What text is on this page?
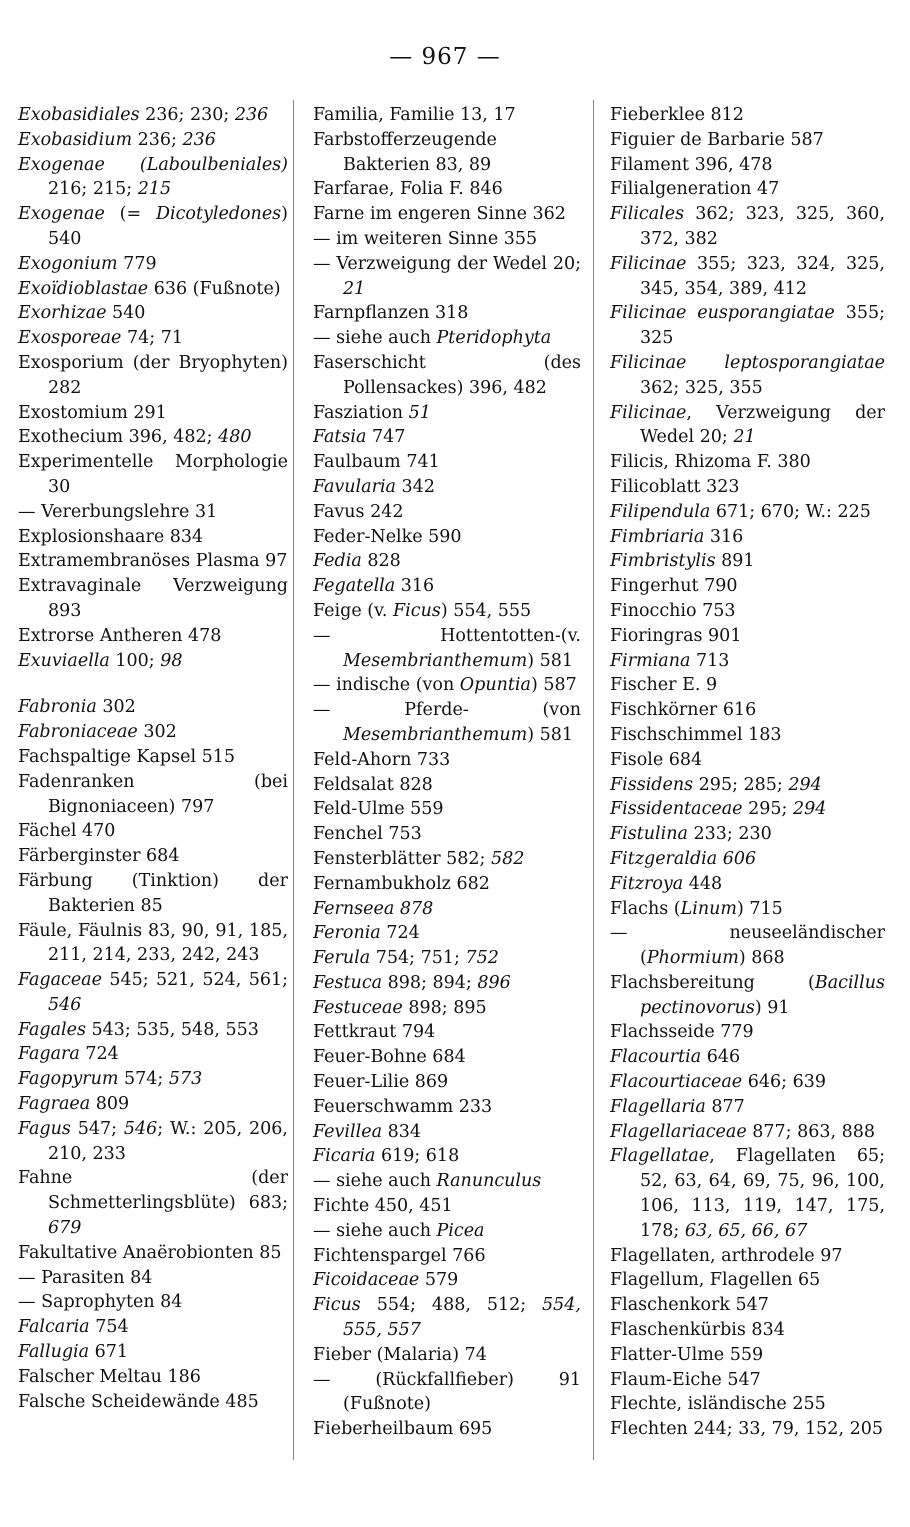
— 967 —
Exobasidiales 236; 230; 236
Exobasidium 236; 236
Exogenae (Laboulbeniales) 216; 215; 215
Exogenae (= Dicotyledones) 540
Exogonium 779
Exoïdioblastae 636 (Fußnote)
Exorhizae 540
Exosporeae 74; 71
Exosporium (der Bryophyten) 282
Exostomium 291
Exothecium 396, 482; 480
Experimentelle Morphologie 30
— Vererbungslehre 31
Explosionshaare 834
Extramembranöses Plasma 97
Extravaginale Verzweigung 893
Extrorse Antheren 478
Exuviaella 100; 98
Fabronia 302
Fabroniaceae 302
Fachspaltige Kapsel 515
Fadenranken (bei Bignoniaceen) 797
Fächel 470
Färberginster 684
Färbung (Tinktion) der Bakterien 85
Fäule, Fäulnis 83, 90, 91, 185, 211, 214, 233, 242, 243
Fagaceae 545; 521, 524, 561; 546
Fagales 543; 535, 548, 553
Fagara 724
Fagopyrum 574; 573
Fagraea 809
Fagus 547; 546; W.: 205, 206, 210, 233
Fahne (der Schmetterlingsblüte) 683; 679
Fakultative Anaërobionten 85
— Parasiten 84
— Saprophyten 84
Falcaria 754
Fallugia 671
Falscher Meltau 186
Falsche Scheidewände 485
Familia, Familie 13, 17
Farbstofferzeugende Bakterien 83, 89
Farfarae, Folia F. 846
Farne im engeren Sinne 362
— im weiteren Sinne 355
— Verzweigung der Wedel 20; 21
Farnpflanzen 318
— siehe auch Pteridophyta
Faserschicht (des Pollensackes) 396, 482
Fasziation 51
Fatsia 747
Faulbaum 741
Favularia 342
Favus 242
Feder-Nelke 590
Fedia 828
Fegatella 316
Feige (v. Ficus) 554, 555
— Hottentotten-(v. Mesembrianthemum) 581
— indische (von Opuntia) 587
— Pferde- (von Mesembrianthemum) 581
Feld-Ahorn 733
Feldsalat 828
Feld-Ulme 559
Fenchel 753
Fensterblätter 582; 582
Fernambukholz 682
Fernseea 878
Feronia 724
Ferula 754; 751; 752
Festuca 898; 894; 896
Festuceae 898; 895
Fettkraut 794
Feuer-Bohne 684
Feuer-Lilie 869
Feuerschwamm 233
Fevillea 834
Ficaria 619; 618
— siehe auch Ranunculus
Fichte 450, 451
— siehe auch Picea
Fichtenspargel 766
Ficoidaceae 579
Ficus 554; 488, 512; 554, 555, 557
Fieber (Malaria) 74
— (Rückfallfieber) 91 (Fußnote)
Fieberheilbaum 695
Fieberklee 812
Figuier de Barbarie 587
Filament 396, 478
Filialgeneration 47
Filicales 362; 323, 325, 360, 372, 382
Filicinae 355; 323, 324, 325, 345, 354, 389, 412
Filicinae eusporangiatae 355; 325
Filicinae leptosporangiatae 362; 325, 355
Filicinae, Verzweigung der Wedel 20; 21
Filicis, Rhizoma F. 380
Filicoblatt 323
Filipendula 671; 670; W.: 225
Fimbriaria 316
Fimbristylis 891
Fingerhut 790
Finocchio 753
Fioringras 901
Firmiana 713
Fischer E. 9
Fischkörner 616
Fischschimmel 183
Fisole 684
Fissidens 295; 285; 294
Fissidentaceae 295; 294
Fistulina 233; 230
Fitzgeraldia 606
Fitzroya 448
Flachs (Linum) 715
— neuseeländischer (Phormium) 868
Flachsbereitung (Bacillus pectinovorus) 91
Flachsseide 779
Flacourtia 646
Flacourtiaceae 646; 639
Flagellaria 877
Flagellariaceae 877; 863, 888
Flagellatae, Flagellaten 65; 52, 63, 64, 69, 75, 96, 100, 106, 113, 119, 147, 175, 178; 63, 65, 66, 67
Flagellaten, arthrodele 97
Flagellum, Flagellen 65
Flaschenkork 547
Flaschenkürbis 834
Flatter-Ulme 559
Flaum-Eiche 547
Flechte, isländische 255
Flechten 244; 33, 79, 152, 205
